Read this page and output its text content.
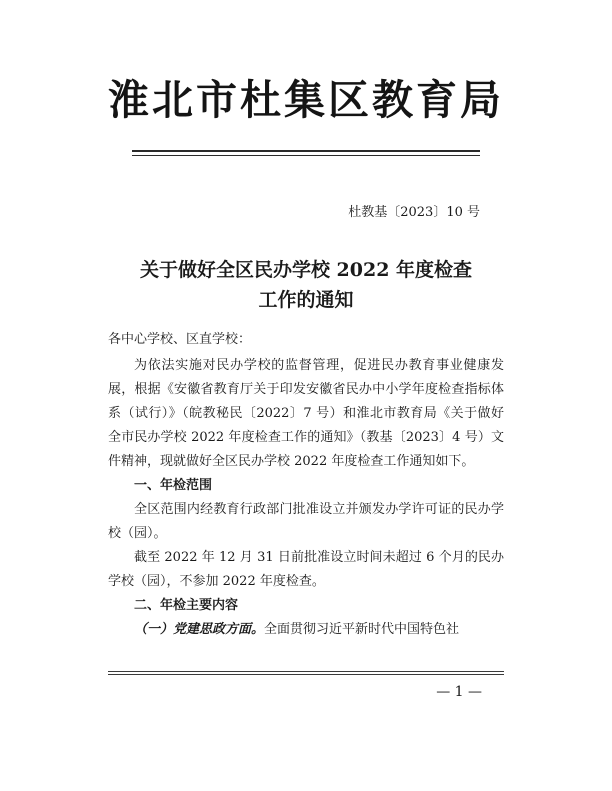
淮北市杜集区教育局
杜教基〔2023〕10 号
关于做好全区民办学校 2022 年度检查
工作的通知
各中心学校、区直学校：

为依法实施对民办学校的监督管理，促进民办教育事业健康发展，根据《安徽省教育厅关于印发安徽省民办中小学年度检查指标体系（试行）》（皖教秘民〔2022〕7 号）和淮北市教育局《关于做好全市民办学校 2022 年度检查工作的通知》（教基〔2023〕4 号）文件精神，现就做好全区民办学校 2022 年度检查工作通知如下。

一、年检范围

全区范围内经教育行政部门批准设立并颁发办学许可证的民办学校（园）。

截至 2022 年 12 月 31 日前批准设立时间未超过 6 个月的民办学校（园），不参加 2022 年度检查。

二、年检主要内容

（一）党建思政方面。全面贯彻习近平新时代中国特色社

— 1 —
